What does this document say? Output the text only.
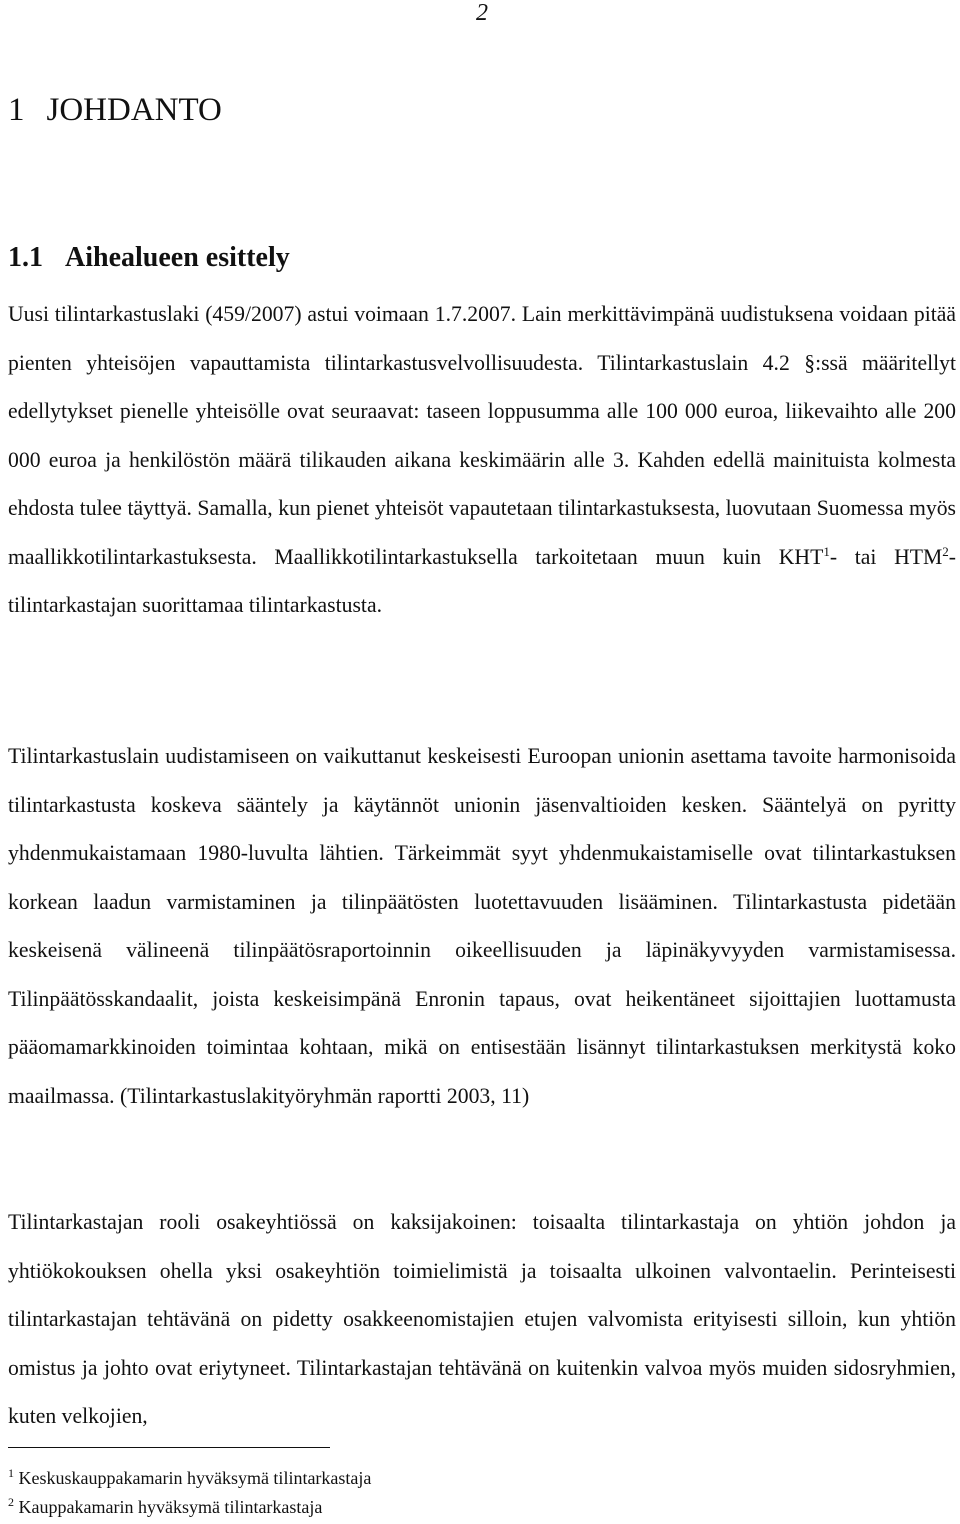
2
1 JOHDANTO
1.1 Aihealueen esittely

Uusi tilintarkastuslaki (459/2007) astui voimaan 1.7.2007. Lain merkittävimpänä uudistuksena voidaan pitää pienten yhteisöjen vapauttamista tilintarkastusvelvollisuudesta. Tilintarkastuslain 4.2 §:ssä määritellyt edellytykset pienelle yhteisölle ovat seuraavat: taseen loppusumma alle 100 000 euroa, liikevaihto alle 200 000 euroa ja henkilöstön määrä tilikauden aikana keskimäärin alle 3. Kahden edellä mainituista kolmesta ehdosta tulee täyttyä. Samalla, kun pienet yhteisöt vapautetaan tilintarkastuksesta, luovutaan Suomessa myös maallikkotilintarkastuksesta. Maallikkotilintarkastuksella tarkoitetaan muun kuin KHT$^1$- tai HTM$^2$-tilintarkastajan suorittamaa tilintarkastusta.

Tilintarkastuslain uudistamiseen on vaikuttanut keskeisesti Euroopan unionin asettama tavoite harmonisoida tilintarkastusta koskeva sääntely ja käytännöt unionin jäsenvaltioiden kesken. Sääntelyä on pyritty yhdenmukaistamaan 1980-luvulta lähtien. Tärkeimmät syyt yhdenmukaistamiselle ovat tilintarkastuksen korkean laadun varmistaminen ja tilinpäätösten luotettavuuden lisääminen. Tilintarkastusta pidetään keskeisenä välineenä tilinpäätösraportoinnin oikeellisuuden ja läpinäkyvyyden varmistamisessa. Tilinpäätösskandaalit, joista keskeisimpänä Enronin tapaus, ovat heikentäneet sijoittajien luottamusta pääomamarkkinoiden toimintaa kohtaan, mikä on entisestään lisännyt tilintarkastuksen merkitystä koko maailmassa. (Tilintarkastuslakityöryhmän raportti 2003, 11)

Tilintarkastajan rooli osakeyhtiössä on kaksijakoinen: toisaalta tilintarkastaja on yhtiön johdon ja yhtiökokouksen ohella yksi osakeyhtiön toimielimistä ja toisaalta ulkoinen valvontaelin. Perinteisesti tilintarkastajan tehtävänä on pidetty osakkeenomistajien etujen valvomista erityisesti silloin, kun yhtiön omistus ja johto ovat eriytyneet. Tilintarkastajan tehtävänä on kuitenkin valvoa myös muiden sidosryhmien, kuten velkojien,

$^1$ Keskuskauppakamarin hyväksymä tilintarkastaja
$^2$ Kauppakamarin hyväksymä tilintarkastaja
